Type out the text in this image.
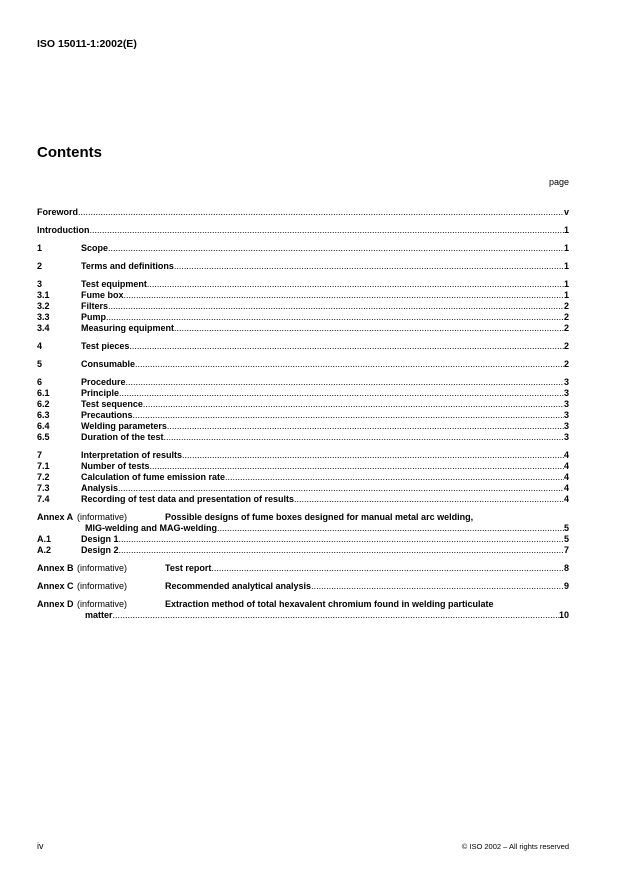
ISO 15011-1:2002(E)
Contents
page
Foreword .....	v
Introduction .....	1
1	Scope .....	1
2	Terms and definitions .....	1
3	Test equipment .....	1
3.1	Fume box .....	1
3.2	Filters .....	2
3.3	Pump .....	2
3.4	Measuring equipment .....	2
4	Test pieces .....	2
5	Consumable .....	2
6	Procedure .....	3
6.1	Principle .....	3
6.2	Test sequence .....	3
6.3	Precautions .....	3
6.4	Welding parameters .....	3
6.5	Duration of the test .....	3
7	Interpretation of results .....	4
7.1	Number of tests .....	4
7.2	Calculation of fume emission rate .....	4
7.3	Analysis .....	4
7.4	Recording of test data and presentation of results .....	4
Annex A (informative)	Possible designs of fume boxes designed for manual metal arc welding,
MIG-welding and MAG-welding .....	5
A.1	Design 1 .....	5
A.2	Design 2 .....	7
Annex B (informative)	Test report .....	8
Annex C (informative)	Recommended analytical analysis .....	9
Annex D (informative)	Extraction method of total hexavalent chromium found in welding particulate
matter .....	10
iv	© ISO 2002 – All rights reserved
